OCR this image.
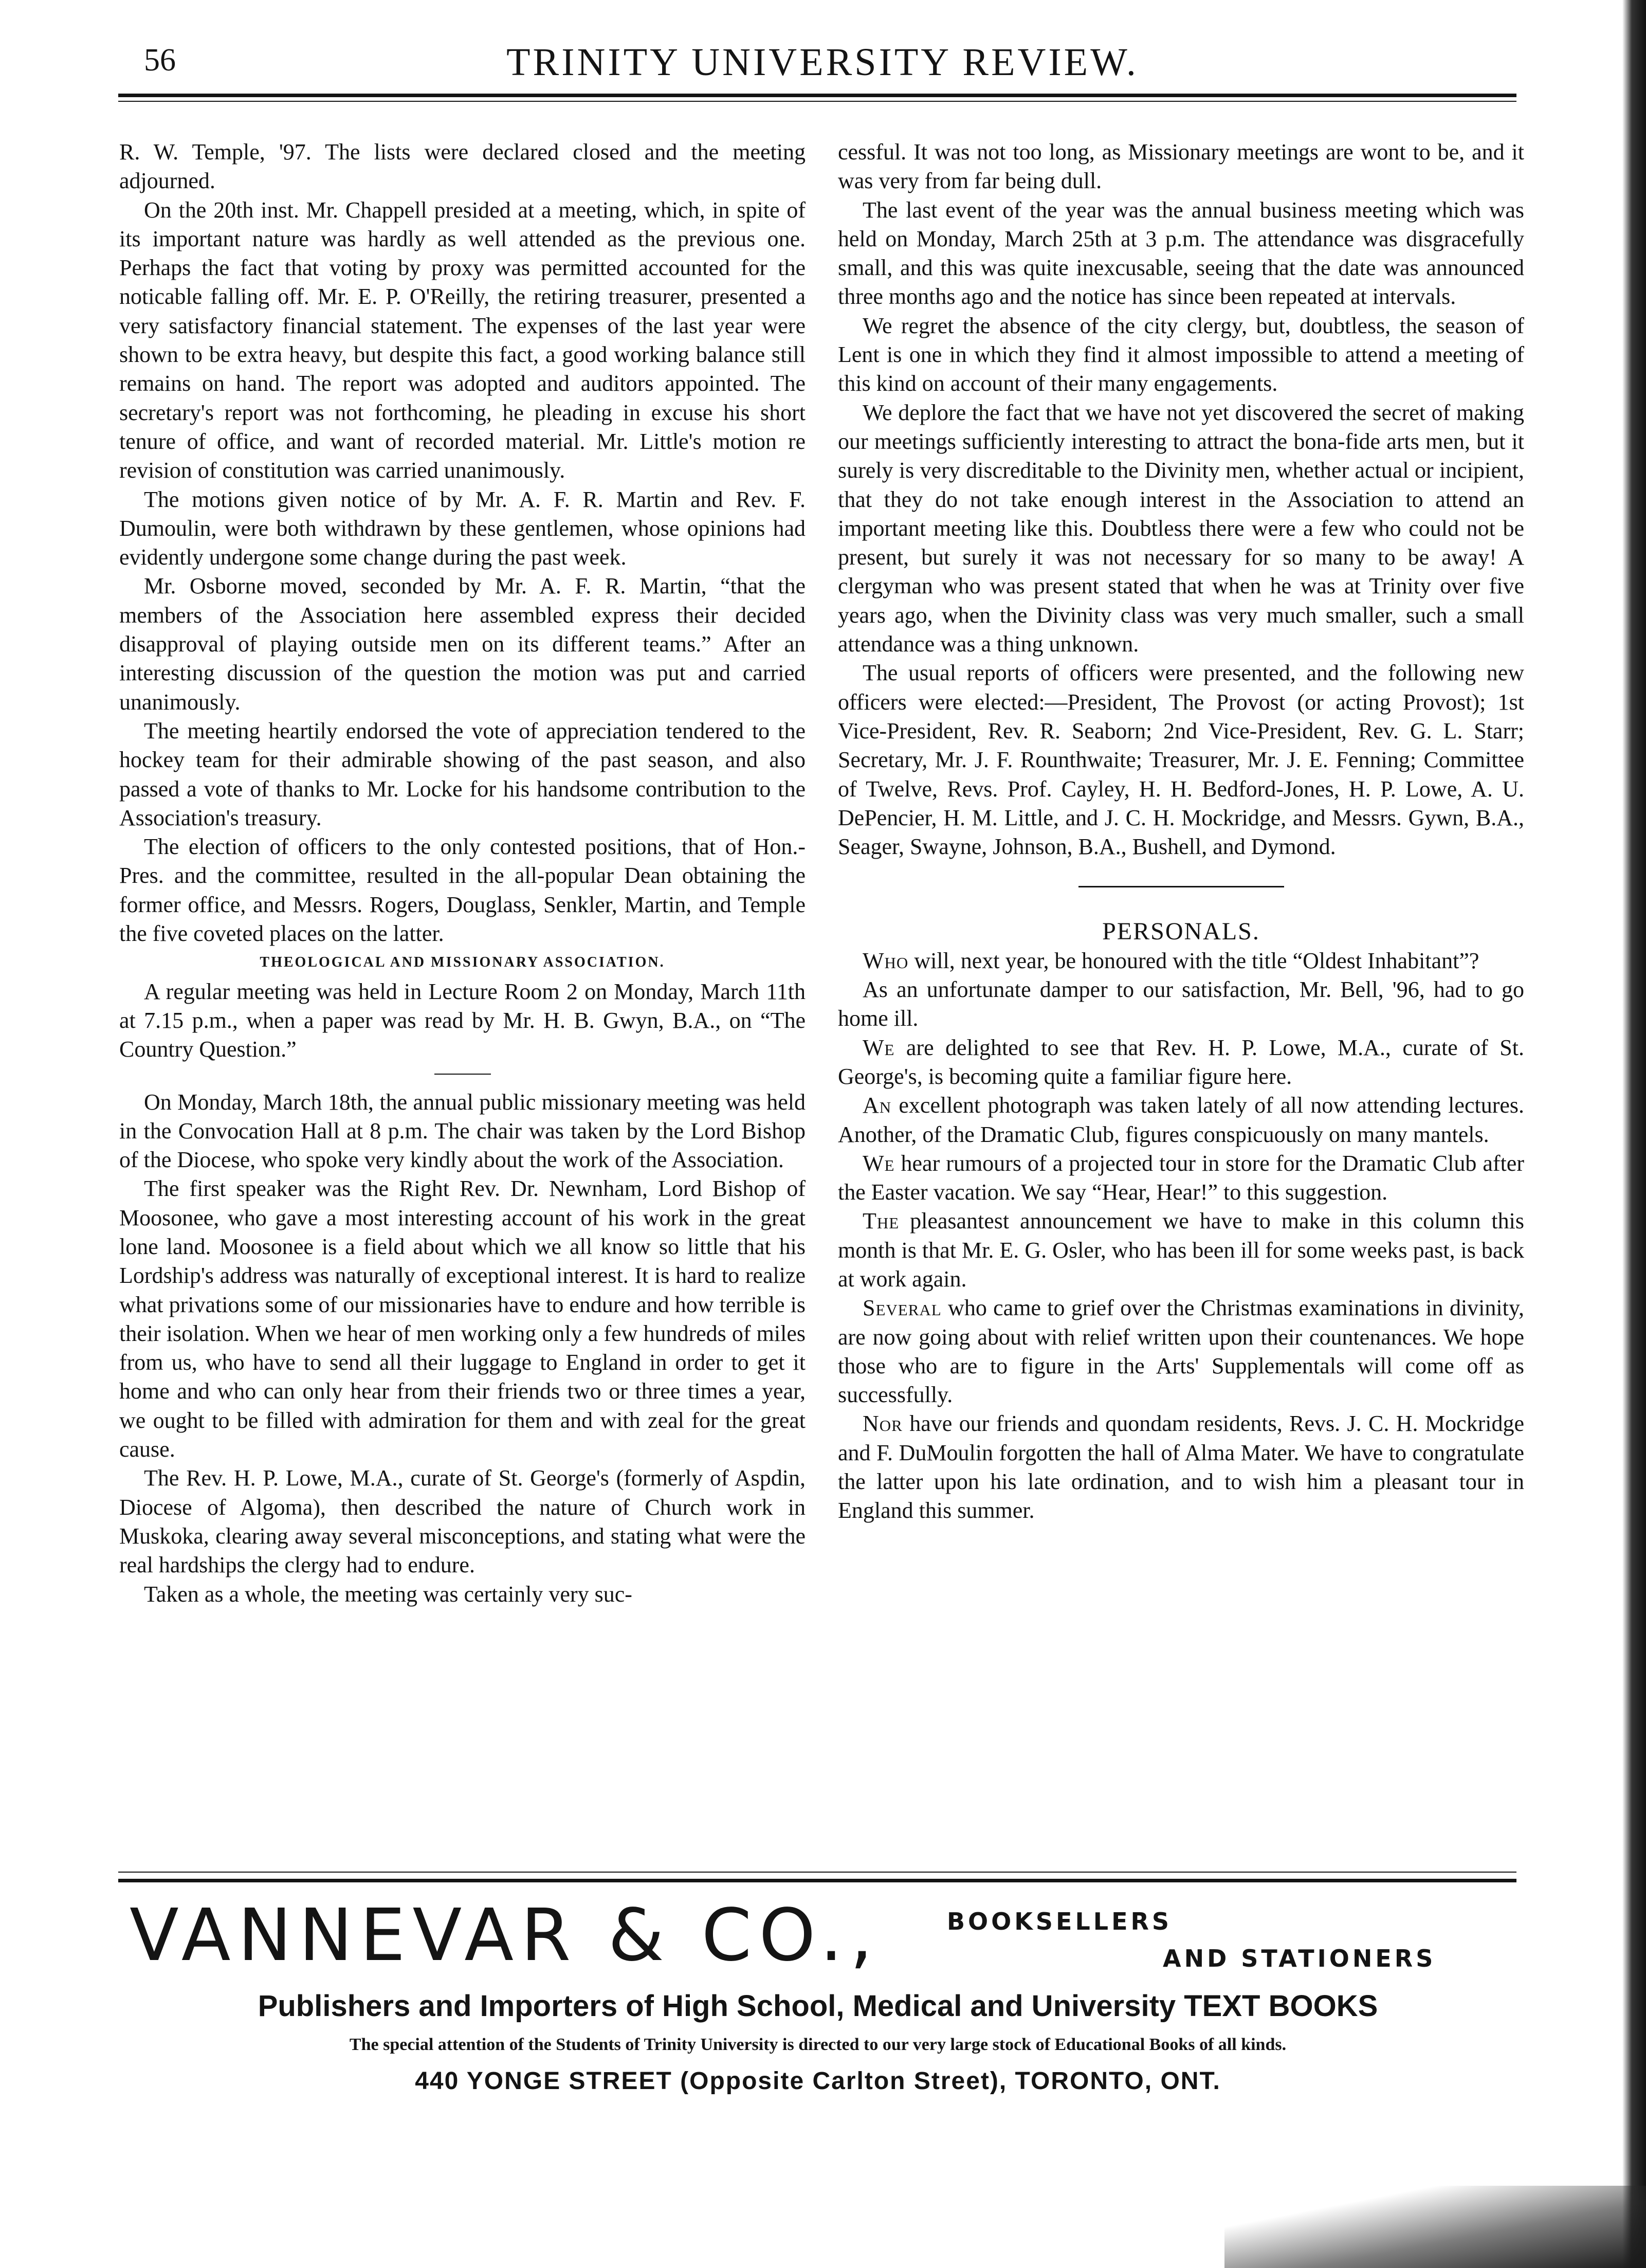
56	TRINITY UNIVERSITY REVIEW.

R. W. Temple, '97. The lists were declared closed and the meeting adjourned.

On the 20th inst. Mr. Chappell presided at a meeting, which, in spite of its important nature was hardly as well attended as the previous one. Perhaps the fact that voting by proxy was permitted accounted for the noticable falling off. Mr. E. P. O'Reilly, the retiring treasurer, presented a very satisfactory financial statement. The expenses of the last year were shown to be extra heavy, but despite this fact, a good working balance still remains on hand. The report was adopted and auditors appointed. The secretary's report was not forthcoming, he pleading in excuse his short tenure of office, and want of recorded material. Mr. Little's motion re revision of constitution was carried unanimously.

The motions given notice of by Mr. A. F. R. Martin and Rev. F. Dumoulin, were both withdrawn by these gentlemen, whose opinions had evidently undergone some change during the past week.

Mr. Osborne moved, seconded by Mr. A. F. R. Martin, “that the members of the Association here assembled express their decided disapproval of playing outside men on its different teams.” After an interesting discussion of the question the motion was put and carried unanimously.

The meeting heartily endorsed the vote of appreciation tendered to the hockey team for their admirable showing of the past season, and also passed a vote of thanks to Mr. Locke for his handsome contribution to the Association's treasury.

The election of officers to the only contested positions, that of Hon.-Pres. and the committee, resulted in the all-popular Dean obtaining the former office, and Messrs. Rogers, Douglass, Senkler, Martin, and Temple the five coveted places on the latter.

THEOLOGICAL AND MISSIONARY ASSOCIATION.

A regular meeting was held in Lecture Room 2 on Monday, March 11th at 7.15 p.m., when a paper was read by Mr. H. B. Gwyn, B.A., on “The Country Question.”

On Monday, March 18th, the annual public missionary meeting was held in the Convocation Hall at 8 p.m. The chair was taken by the Lord Bishop of the Diocese, who spoke very kindly about the work of the Association.

The first speaker was the Right Rev. Dr. Newnham, Lord Bishop of Moosonee, who gave a most interesting account of his work in the great lone land. Moosonee is a field about which we all know so little that his Lordship's address was naturally of exceptional interest. It is hard to realize what privations some of our missionaries have to endure and how terrible is their isolation. When we hear of men working only a few hundreds of miles from us, who have to send all their luggage to England in order to get it home and who can only hear from their friends two or three times a year, we ought to be filled with admiration for them and with zeal for the great cause.

The Rev. H. P. Lowe, M.A., curate of St. George's (formerly of Aspdin, Diocese of Algoma), then described the nature of Church work in Muskoka, clearing away several misconceptions, and stating what were the real hardships the clergy had to endure.

Taken as a whole, the meeting was certainly very suc-

cessful. It was not too long, as Missionary meetings are wont to be, and it was very from far being dull.

The last event of the year was the annual business meeting which was held on Monday, March 25th at 3 p.m. The attendance was disgracefully small, and this was quite inexcusable, seeing that the date was announced three months ago and the notice has since been repeated at intervals.

We regret the absence of the city clergy, but, doubtless, the season of Lent is one in which they find it almost impossible to attend a meeting of this kind on account of their many engagements.

We deplore the fact that we have not yet discovered the secret of making our meetings sufficiently interesting to attract the bona-fide arts men, but it surely is very discreditable to the Divinity men, whether actual or incipient, that they do not take enough interest in the Association to attend an important meeting like this. Doubtless there were a few who could not be present, but surely it was not necessary for so many to be away! A clergyman who was present stated that when he was at Trinity over five years ago, when the Divinity class was very much smaller, such a small attendance was a thing unknown.

The usual reports of officers were presented, and the following new officers were elected:—President, The Provost (or acting Provost); 1st Vice-President, Rev. R. Seaborn; 2nd Vice-President, Rev. G. L. Starr; Secretary, Mr. J. F. Rounthwaite; Treasurer, Mr. J. E. Fenning; Committee of Twelve, Revs. Prof. Cayley, H. H. Bedford-Jones, H. P. Lowe, A. U. DePencier, H. M. Little, and J. C. H. Mockridge, and Messrs. Gywn, B.A., Seager, Swayne, Johnson, B.A., Bushell, and Dymond.

PERSONALS.

Who will, next year, be honoured with the title “Oldest Inhabitant”?

As an unfortunate damper to our satisfaction, Mr. Bell, '96, had to go home ill.

We are delighted to see that Rev. H. P. Lowe, M.A., curate of St. George's, is becoming quite a familiar figure here.

An excellent photograph was taken lately of all now attending lectures. Another, of the Dramatic Club, figures conspicuously on many mantels.

We hear rumours of a projected tour in store for the Dramatic Club after the Easter vacation. We say “Hear, Hear!” to this suggestion.

The pleasantest announcement we have to make in this column this month is that Mr. E. G. Osler, who has been ill for some weeks past, is back at work again.

Several who came to grief over the Christmas examinations in divinity, are now going about with relief written upon their countenances. We hope those who are to figure in the Arts' Supplementals will come off as successfully.

Nor have our friends and quondam residents, Revs. J. C. H. Mockridge and F. DuMoulin forgotten the hall of Alma Mater. We have to congratulate the latter upon his late ordination, and to wish him a pleasant tour in England this summer.

VANNEVAR & CO.,	BOOKSELLERS
AND STATIONERS
Publishers and Importers of High School, Medical and University TEXT BOOKS
The special attention of the Students of Trinity University is directed to our very large stock of Educational Books of all kinds.
440 YONGE STREET (Opposite Carlton Street), TORONTO, ONT.
